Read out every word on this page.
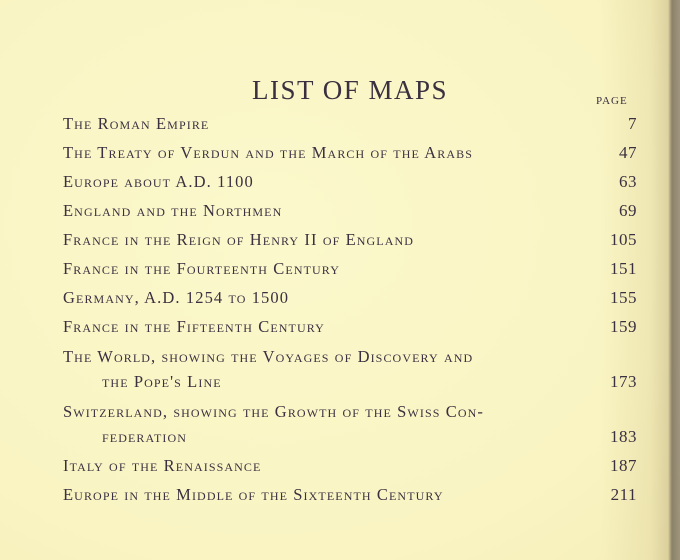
LIST OF MAPS	PAGE
The Roman Empire	7
The Treaty of Verdun and the March of the Arabs	47
Europe about A.D. 1100	63
England and the Northmen	69
France in the Reign of Henry II of England	105
France in the Fourteenth Century	151
Germany, A.D. 1254 to 1500	155
France in the Fifteenth Century	159
The World, showing the Voyages of Discovery and
the Pope's Line	173
Switzerland, showing the Growth of the Swiss Con-
federation	183
Italy of the Renaissance	187
Europe in the Middle of the Sixteenth Century	211
